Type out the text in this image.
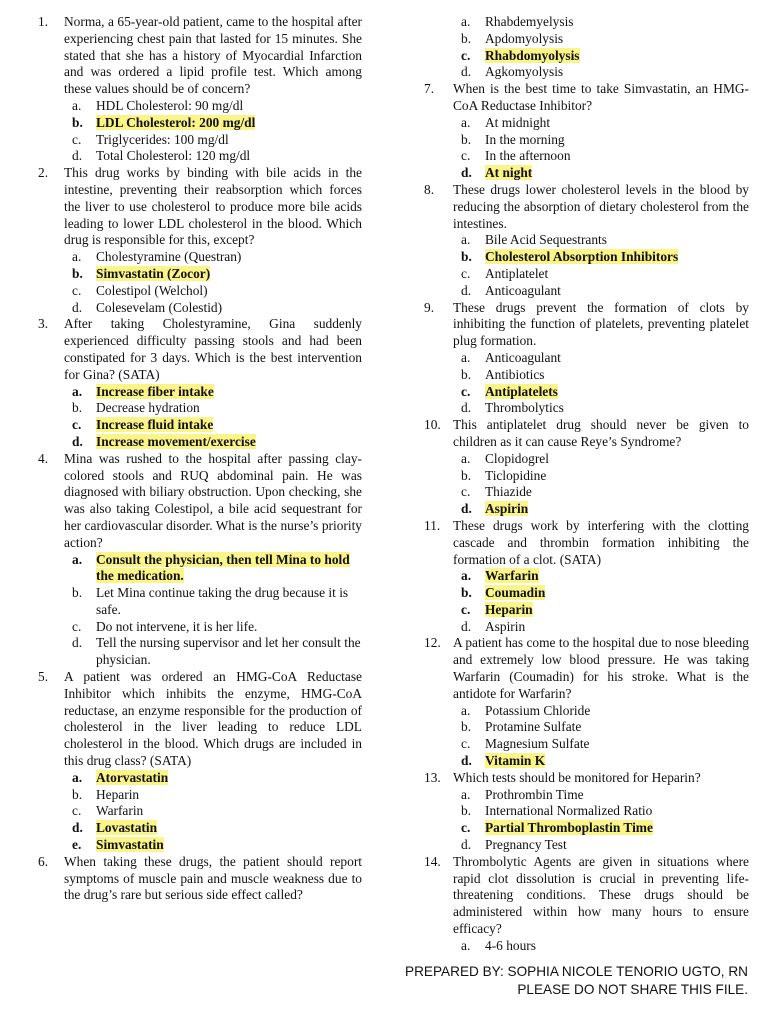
1.	Norma, a 65-year-old patient, came to the hospital after experiencing chest pain that lasted for 15 minutes. She stated that she has a history of Myocardial Infarction and was ordered a lipid profile test. Which among these values should be of concern?
a.	HDL Cholesterol: 90 mg/dl
b. LDL Cholesterol: 200 mg/dl
c.	Triglycerides: 100 mg/dl
d.	Total Cholesterol: 120 mg/dl
2.	This drug works by binding with bile acids in the intestine, preventing their reabsorption which forces the liver to use cholesterol to produce more bile acids leading to lower LDL cholesterol in the blood. Which drug is responsible for this, except?
a.	Cholestyramine (Questran)
b. Simvastatin (Zocor)
c.	Colestipol (Welchol)
d.	Colesevelam (Colestid)
3.	After taking Cholestyramine, Gina suddenly experienced difficulty passing stools and had been constipated for 3 days. Which is the best intervention for Gina? (SATA)
a.	Increase fiber intake
b.	Decrease hydration
c.	Increase fluid intake
d. Increase movement/exercise
4.	Mina was rushed to the hospital after passing clay-colored stools and RUQ abdominal pain. He was diagnosed with biliary obstruction. Upon checking, she was also taking Colestipol, a bile acid sequestrant for her cardiovascular disorder. What is the nurse’s priority action?
a.	Consult the physician, then tell Mina to hold the medication.
b.	Let Mina continue taking the drug because it is safe.
c.	Do not intervene, it is her life.
d.	Tell the nursing supervisor and let her consult the physician.
5.	A patient was ordered an HMG-CoA Reductase Inhibitor which inhibits the enzyme, HMG-CoA reductase, an enzyme responsible for the production of cholesterol in the liver leading to reduce LDL cholesterol in the blood. Which drugs are included in this drug class? (SATA)
a.	Atorvastatin
b.	Heparin
c.	Warfarin
d. Lovastatin
e.	Simvastatin
6.	When taking these drugs, the patient should report symptoms of muscle pain and muscle weakness due to the drug’s rare but serious side effect called?
a.	Rhabdemyelysis
b.	Apdomyolysis
c.	Rhabdomyolysis
d.	Agkomyolysis
7.	When is the best time to take Simvastatin, an HMG-CoA Reductase Inhibitor?
a.	At midnight
b.	In the morning
c.	In the afternoon
d. At night
8.	These drugs lower cholesterol levels in the blood by reducing the absorption of dietary cholesterol from the intestines.
a.	Bile Acid Sequestrants
b. Cholesterol Absorption Inhibitors
c.	Antiplatelet
d.	Anticoagulant
9.	These drugs prevent the formation of clots by inhibiting the function of platelets, preventing platelet plug formation.
a.	Anticoagulant
b.	Antibiotics
c.	Antiplatelets
d.	Thrombolytics
10. This antiplatelet drug should never be given to children as it can cause Reye’s Syndrome?
a.	Clopidogrel
b.	Ticlopidine
c.	Thiazide
d. Aspirin
11. These drugs work by interfering with the clotting cascade and thrombin formation inhibiting the formation of a clot. (SATA)
a.	Warfarin
b. Coumadin
c.	Heparin
d.	Aspirin
12. A patient has come to the hospital due to nose bleeding and extremely low blood pressure. He was taking Warfarin (Coumadin) for his stroke. What is the antidote for Warfarin?
a.	Potassium Chloride
b.	Protamine Sulfate
c.	Magnesium Sulfate
d. Vitamin K
13. Which tests should be monitored for Heparin?
a.	Prothrombin Time
b.	International Normalized Ratio
c.	Partial Thromboplastin Time
d.	Pregnancy Test
14. Thrombolytic Agents are given in situations where rapid clot dissolution is crucial in preventing life-threatening conditions. These drugs should be administered within how many hours to ensure efficacy?
a.	4-6 hours
PREPARED BY: SOPHIA NICOLE TENORIO UGTO, RN
PLEASE DO NOT SHARE THIS FILE.
